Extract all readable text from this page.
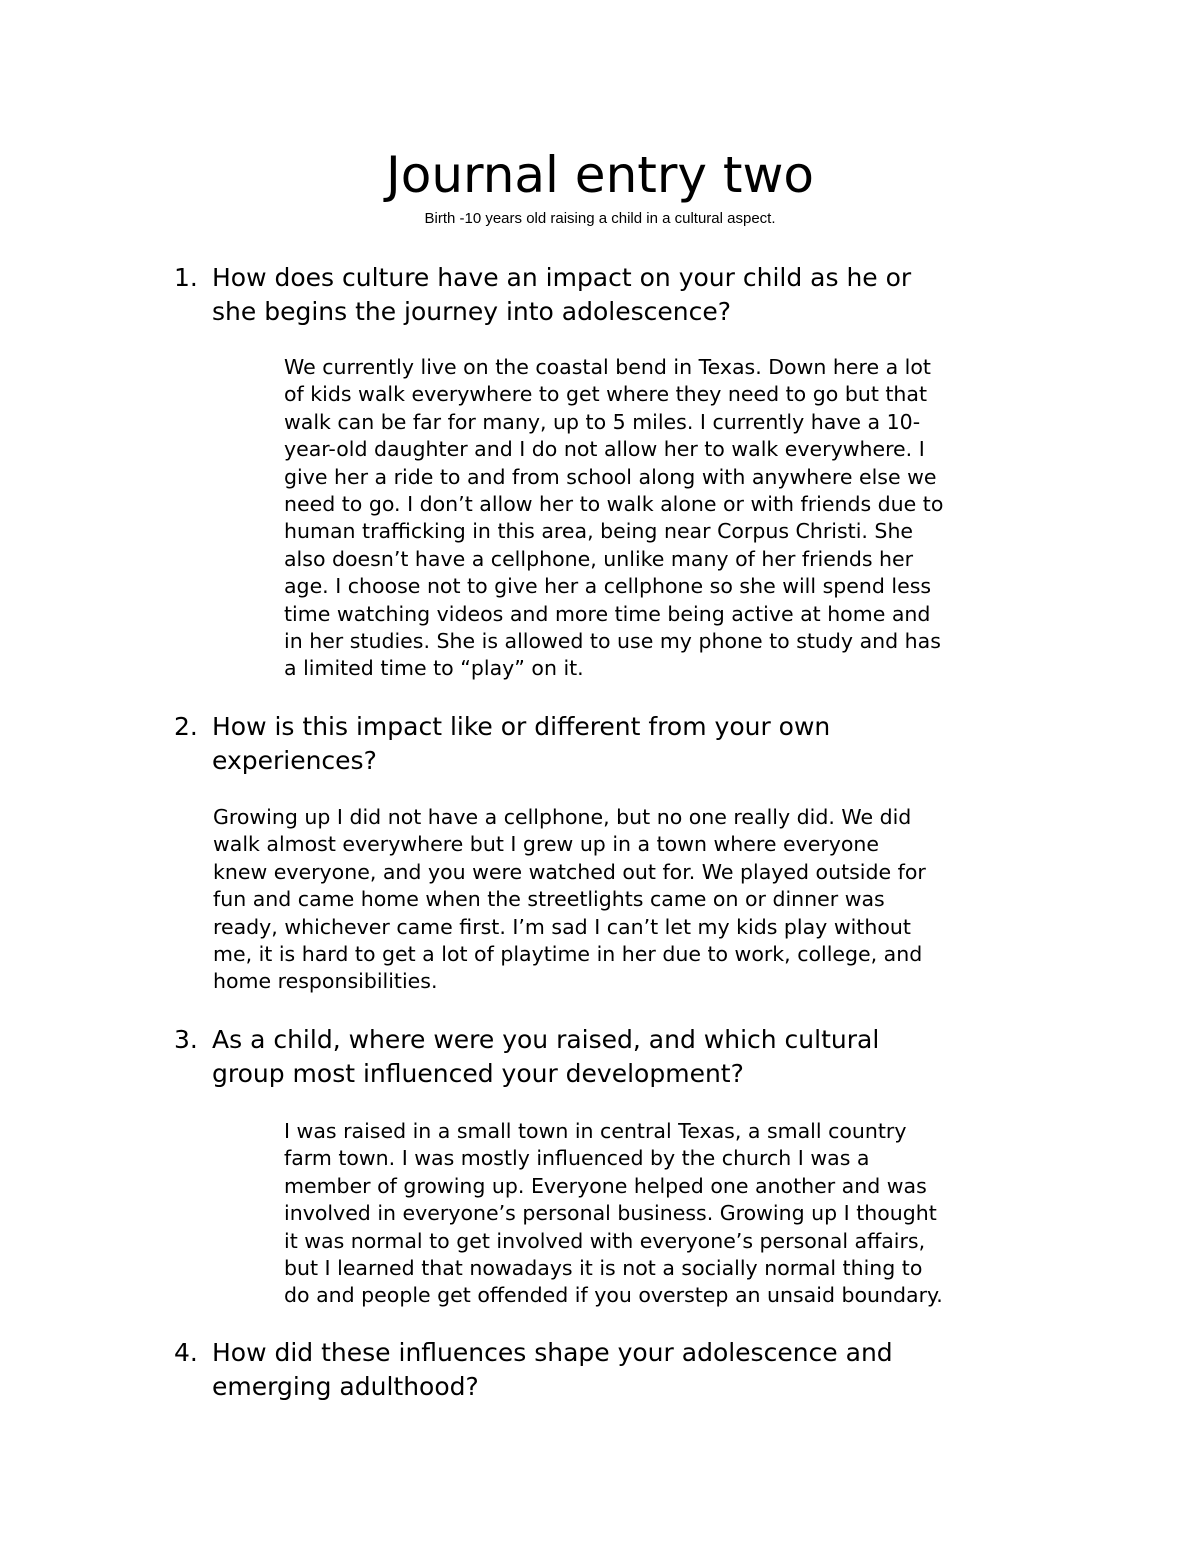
Journal entry two

Birth -10 years old raising a child in a cultural aspect.

1. How does culture have an impact on your child as he or
she begins the journey into adolescence?
We currently live on the coastal bend in Texas. Down here a lot
of kids walk everywhere to get where they need to go but that
walk can be far for many, up to 5 miles. I currently have a 10-
year-old daughter and I do not allow her to walk everywhere. I
give her a ride to and from school along with anywhere else we
need to go. I don’t allow her to walk alone or with friends due to
human trafficking in this area, being near Corpus Christi. She
also doesn’t have a cellphone, unlike many of her friends her
age. I choose not to give her a cellphone so she will spend less
time watching videos and more time being active at home and
in her studies. She is allowed to use my phone to study and has
a limited time to “play” on it.
2. How is this impact like or different from your own
experiences?
Growing up I did not have a cellphone, but no one really did. We did
walk almost everywhere but I grew up in a town where everyone
knew everyone, and you were watched out for. We played outside for
fun and came home when the streetlights came on or dinner was
ready, whichever came first. I’m sad I can’t let my kids play without
me, it is hard to get a lot of playtime in her due to work, college, and
home responsibilities.
3. As a child, where were you raised, and which cultural
group most influenced your development?
I was raised in a small town in central Texas, a small country
farm town. I was mostly influenced by the church I was a
member of growing up. Everyone helped one another and was
involved in everyone’s personal business. Growing up I thought
it was normal to get involved with everyone’s personal affairs,
but I learned that nowadays it is not a socially normal thing to
do and people get offended if you overstep an unsaid boundary.
4. How did these influences shape your adolescence and
emerging adulthood?
